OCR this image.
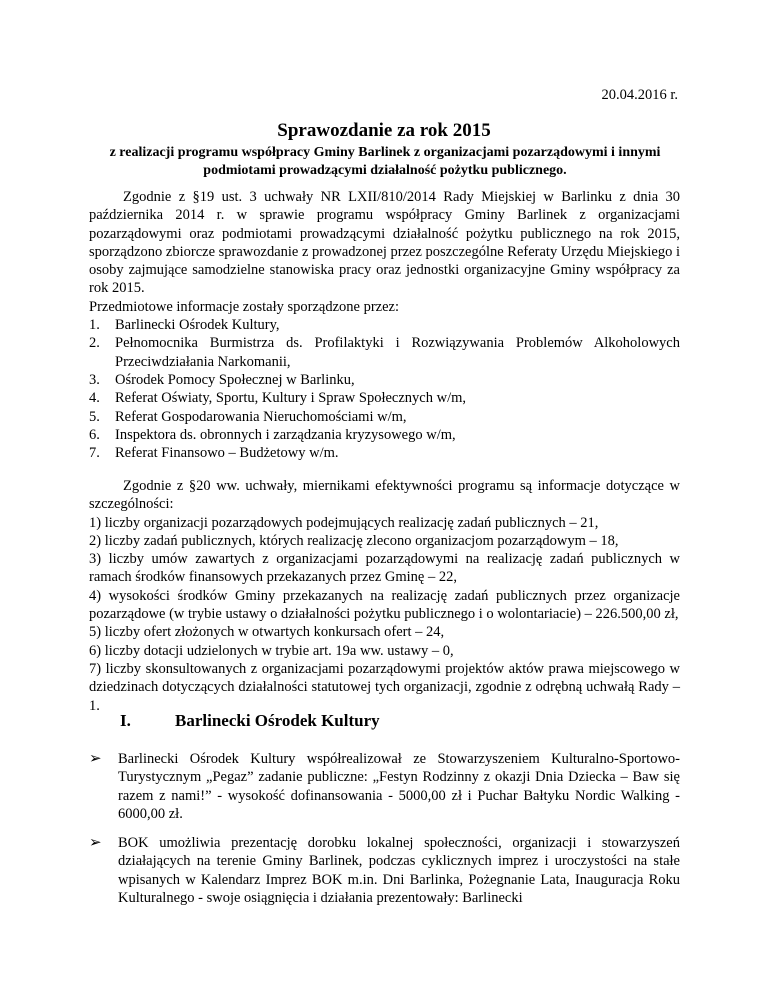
20.04.2016 r.
Sprawozdanie za rok 2015
z realizacji programu współpracy Gminy Barlinek z organizacjami pozarządowymi i innymi podmiotami prowadzącymi działalność pożytku publicznego.

Zgodnie z §19 ust. 3 uchwały NR LXII/810/2014 Rady Miejskiej w Barlinku z dnia 30 października 2014 r. w sprawie programu współpracy Gminy Barlinek z organizacjami pozarządowymi oraz podmiotami prowadzącymi działalność pożytku publicznego na rok 2015, sporządzono zbiorcze sprawozdanie z prowadzonej przez poszczególne Referaty Urzędu Miejskiego i osoby zajmujące samodzielne stanowiska pracy oraz jednostki organizacyjne Gminy współpracy za rok 2015.

Przedmiotowe informacje zostały sporządzone przez:

1. Barlinecki Ośrodek Kultury,
2. Pełnomocnika Burmistrza ds. Profilaktyki i Rozwiązywania Problemów Alkoholowych Przeciwdziałania Narkomanii,
3. Ośrodek Pomocy Społecznej w Barlinku,
4. Referat Oświaty, Sportu, Kultury i Spraw Społecznych w/m,
5. Referat Gospodarowania Nieruchomościami w/m,
6. Inspektora ds. obronnych i zarządzania kryzysowego w/m,
7. Referat Finansowo – Budżetowy w/m.

Zgodnie z §20 ww. uchwały, miernikami efektywności programu są informacje dotyczące w szczególności:

1) liczby organizacji pozarządowych podejmujących realizację zadań publicznych – 21,

2) liczby zadań publicznych, których realizację zlecono organizacjom pozarządowym – 18,

3) liczby umów zawartych z organizacjami pozarządowymi na realizację zadań publicznych w ramach środków finansowych przekazanych przez Gminę – 22,

4) wysokości środków Gminy przekazanych na realizację zadań publicznych przez organizacje pozarządowe (w trybie ustawy o działalności pożytku publicznego i o wolontariacie) – 226.500,00 zł,

5) liczby ofert złożonych w otwartych konkursach ofert – 24,

6) liczby dotacji udzielonych w trybie art. 19a ww. ustawy – 0,

7) liczby skonsultowanych z organizacjami pozarządowymi projektów aktów prawa miejscowego w dziedzinach dotyczących działalności statutowej tych organizacji, zgodnie z odrębną uchwałą Rady – 1.

I.	Barlinecki Ośrodek Kultury
➢ Barlinecki Ośrodek Kultury współrealizował ze Stowarzyszeniem Kulturalno-Sportowo-Turystycznym „Pegaz” zadanie publiczne: „Festyn Rodzinny z okazji Dnia Dziecka – Baw się razem z nami!” - wysokość dofinansowania - 5000,00 zł i Puchar Bałtyku Nordic Walking - 6000,00 zł.
➢ BOK umożliwia prezentację dorobku lokalnej społeczności, organizacji i stowarzyszeń działających na terenie Gminy Barlinek, podczas cyklicznych imprez i uroczystości na stałe wpisanych w Kalendarz Imprez BOK m.in. Dni Barlinka, Pożegnanie Lata, Inauguracja Roku Kulturalnego - swoje osiągnięcia i działania prezentowały: Barlinecki
